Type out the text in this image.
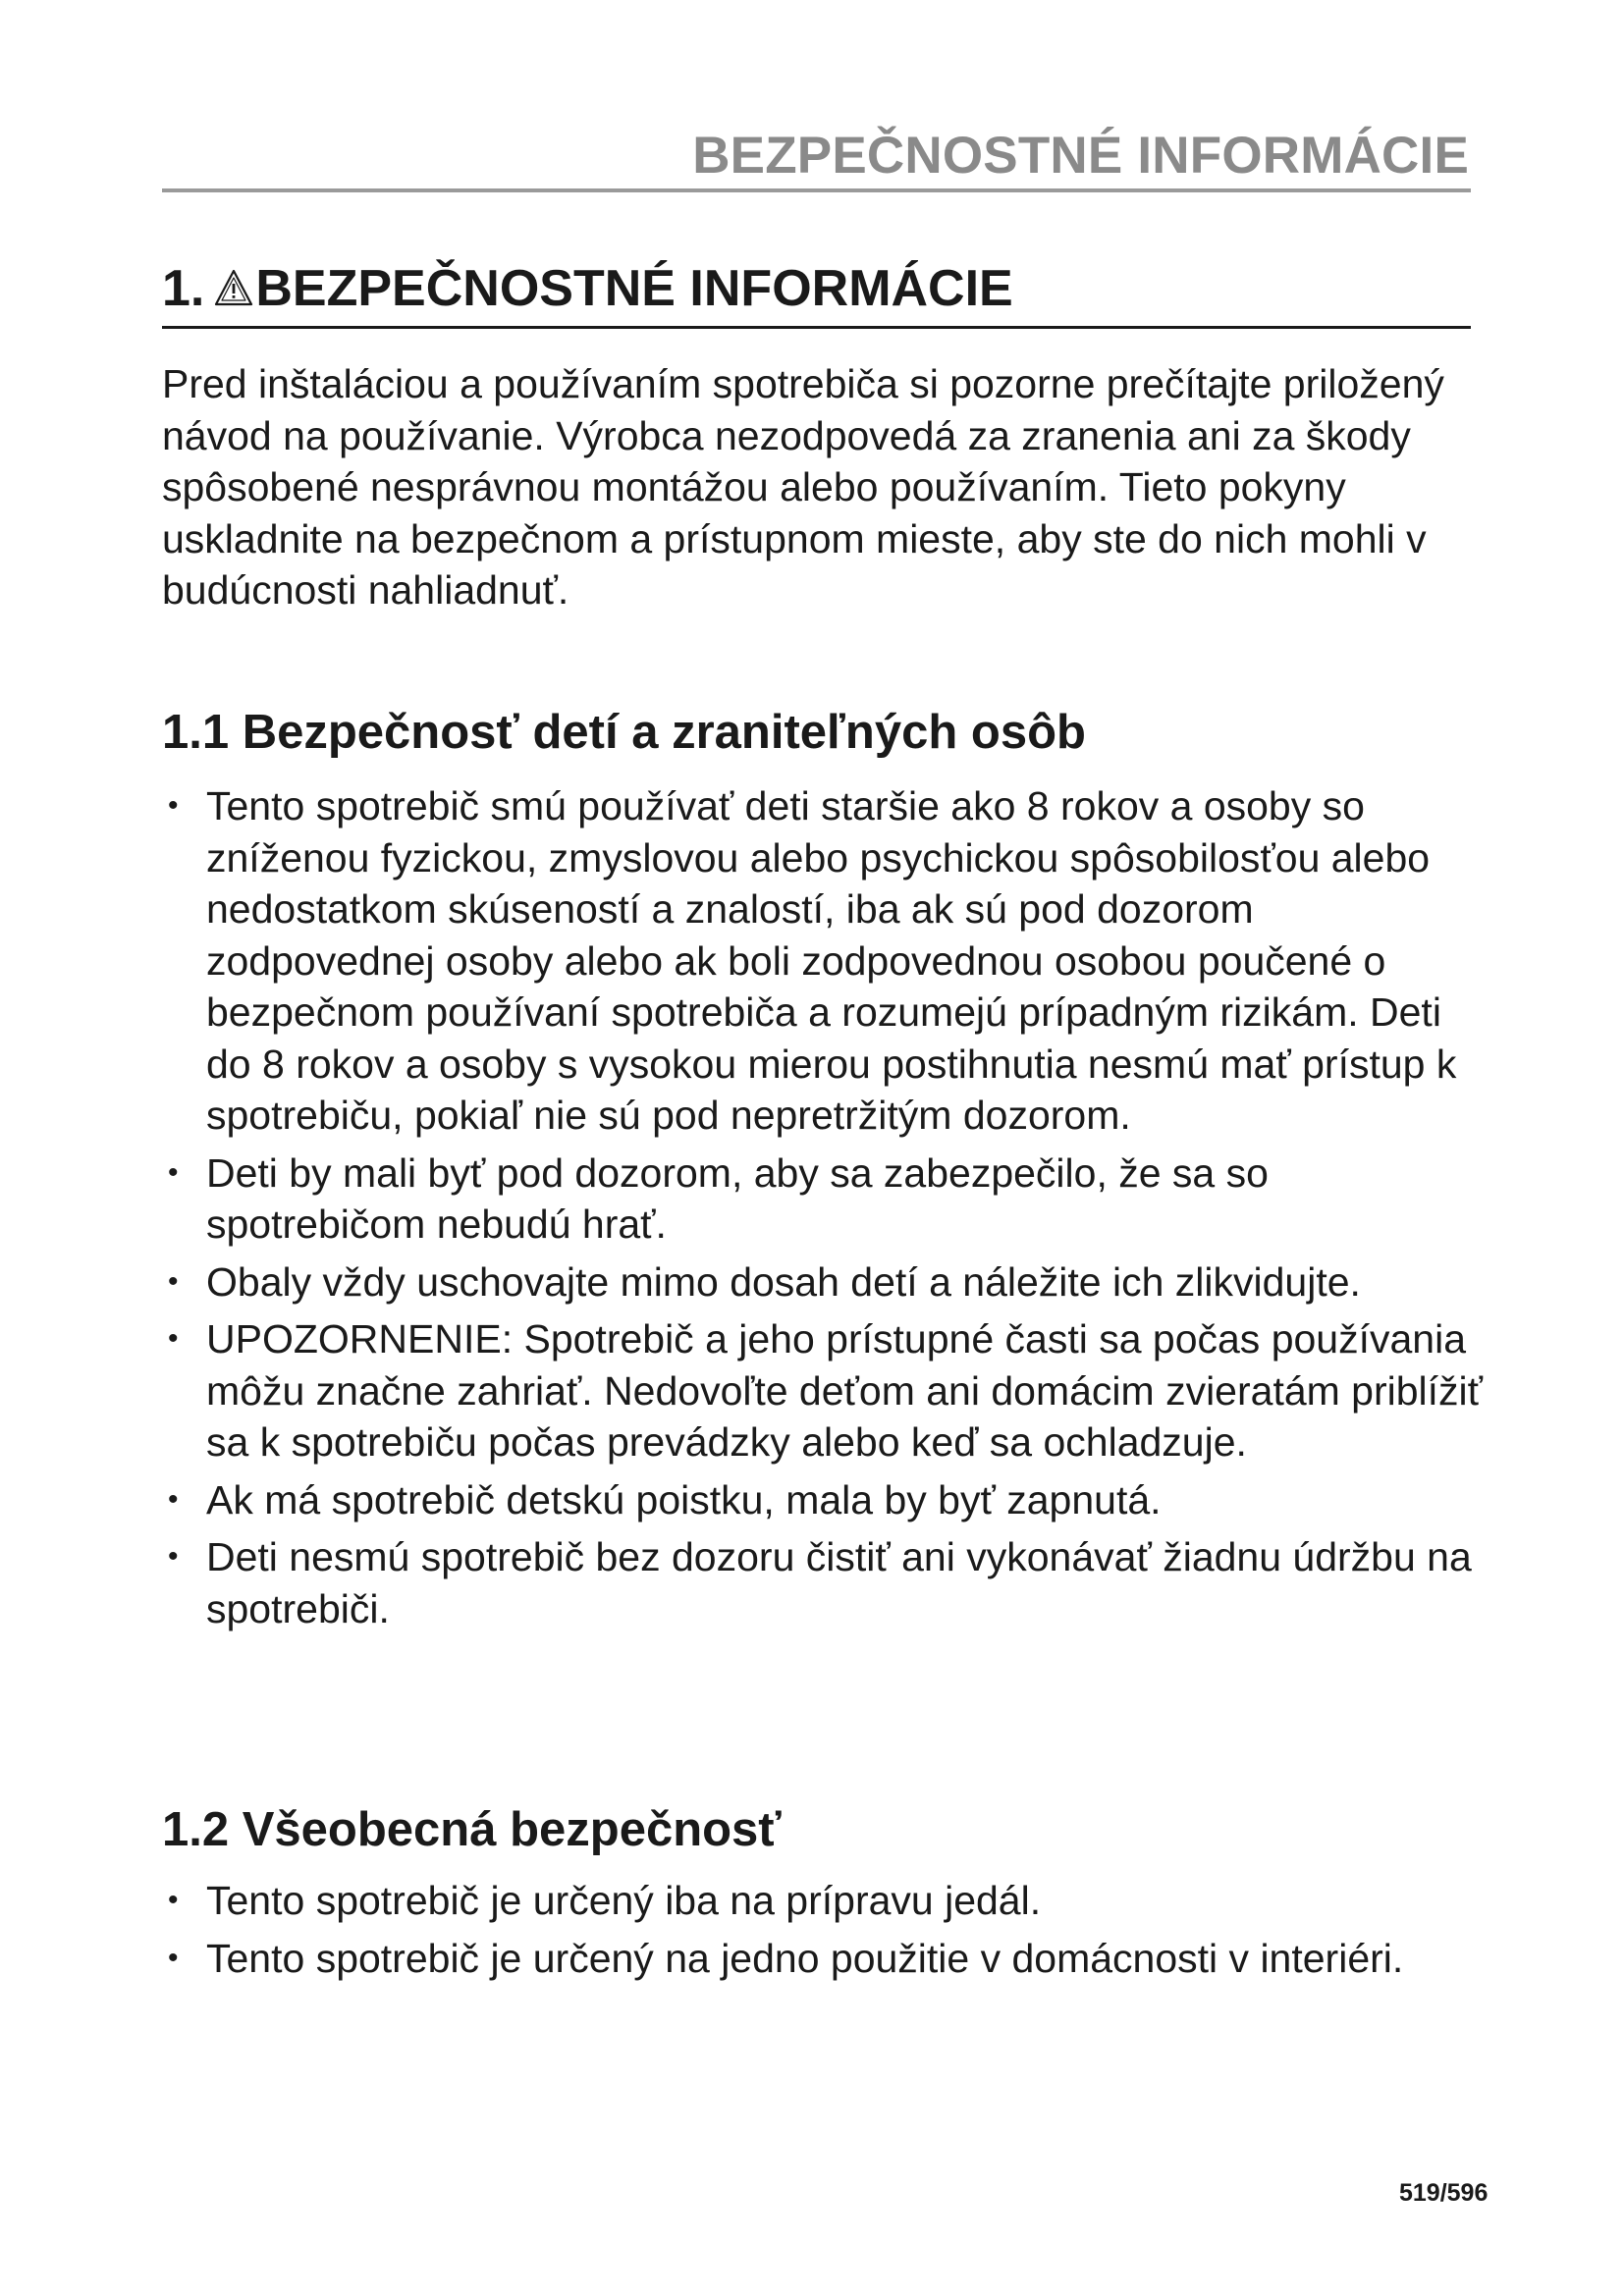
BEZPEČNOSTNÉ INFORMÁCIE
1. BEZPEČNOSTNÉ INFORMÁCIE

Pred inštaláciou a používaním spotrebiča si pozorne prečítajte priložený návod na používanie. Výrobca nezodpovedá za zranenia ani za škody spôsobené nesprávnou montážou alebo používaním. Tieto pokyny uskladnite na bezpečnom a prístupnom mieste, aby ste do nich mohli v budúcnosti nahliadnuť.

1.1 Bezpečnosť detí a zraniteľných osôb
• Tento spotrebič smú používať deti staršie ako 8 rokov a osoby so zníženou fyzickou, zmyslovou alebo psychickou spôsobilosťou alebo nedostatkom skúseností a znalostí, iba ak sú pod dozorom zodpovednej osoby alebo ak boli zodpovednou osobou poučené o bezpečnom používaní spotrebiča a rozumejú prípadným rizikám. Deti do 8 rokov a osoby s vysokou mierou postihnutia nesmú mať prístup k spotrebiču, pokiaľ nie sú pod nepretržitým dozorom.
• Deti by mali byť pod dozorom, aby sa zabezpečilo, že sa so spotrebičom nebudú hrať.
• Obaly vždy uschovajte mimo dosah detí a náležite ich zlikvidujte.
• UPOZORNENIE: Spotrebič a jeho prístupné časti sa počas používania môžu značne zahriať. Nedovoľte deťom ani domácim zvieratám priblížiť sa k spotrebiču počas prevádzky alebo keď sa ochladzuje.
• Ak má spotrebič detskú poistku, mala by byť zapnutá.
• Deti nesmú spotrebič bez dozoru čistiť ani vykonávať žiadnu údržbu na spotrebiči.
1.2 Všeobecná bezpečnosť
• Tento spotrebič je určený iba na prípravu jedál.
• Tento spotrebič je určený na jedno použitie v domácnosti v interiéri.
519/596
